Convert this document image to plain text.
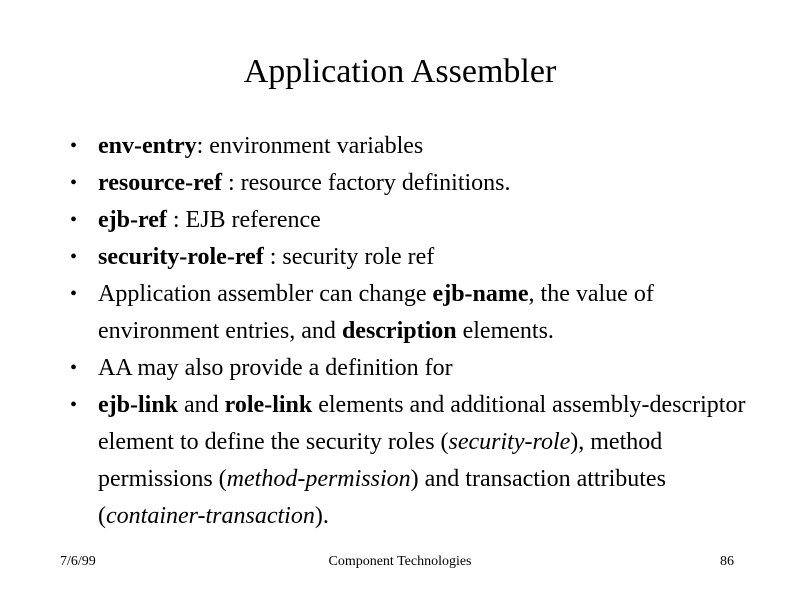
Application Assembler
• env-entry: environment variables
• resource-ref : resource factory definitions.
• ejb-ref : EJB reference
• security-role-ref : security role ref
• Application assembler can change ejb-name, the value of environment entries, and description elements.
• AA may also provide a definition for
• ejb-link and role-link elements and additional assembly-descriptor element to define the security roles (security-role), method permissions (method-permission) and transaction attributes (container-transaction).
7/6/99	Component Technologies	86
